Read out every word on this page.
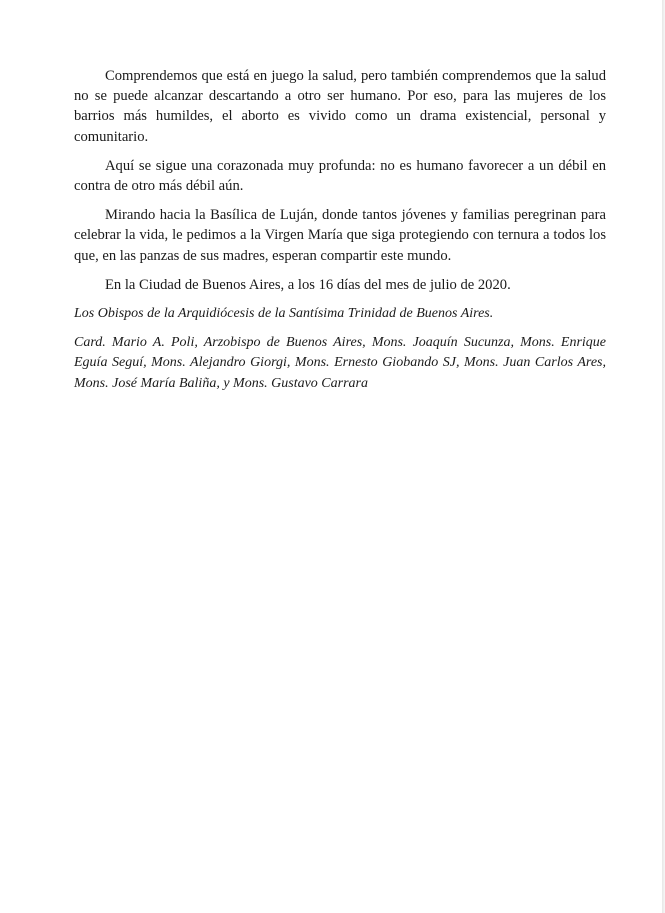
Comprendemos que está en juego la salud, pero también comprendemos que la salud no se puede alcanzar descartando a otro ser humano. Por eso, para las mujeres de los barrios más humildes, el aborto es vivido como un drama existencial, personal y comunitario.

Aquí se sigue una corazonada muy profunda: no es humano favorecer a un débil en contra de otro más débil aún.

Mirando hacia la Basílica de Luján, donde tantos jóvenes y familias peregrinan para celebrar la vida, le pedimos a la Virgen María que siga protegiendo con ternura a todos los que, en las panzas de sus madres, esperan compartir este mundo.

En la Ciudad de Buenos Aires, a los 16 días del mes de julio de 2020.

Los Obispos de la Arquidiócesis de la Santísima Trinidad de Buenos Aires.

Card. Mario A. Poli, Arzobispo de Buenos Aires, Mons. Joaquín Sucunza, Mons. Enrique Eguía Seguí, Mons. Alejandro Giorgi, Mons. Ernesto Giobando SJ, Mons. Juan Carlos Ares, Mons. José María Baliña, y Mons. Gustavo Carrara
